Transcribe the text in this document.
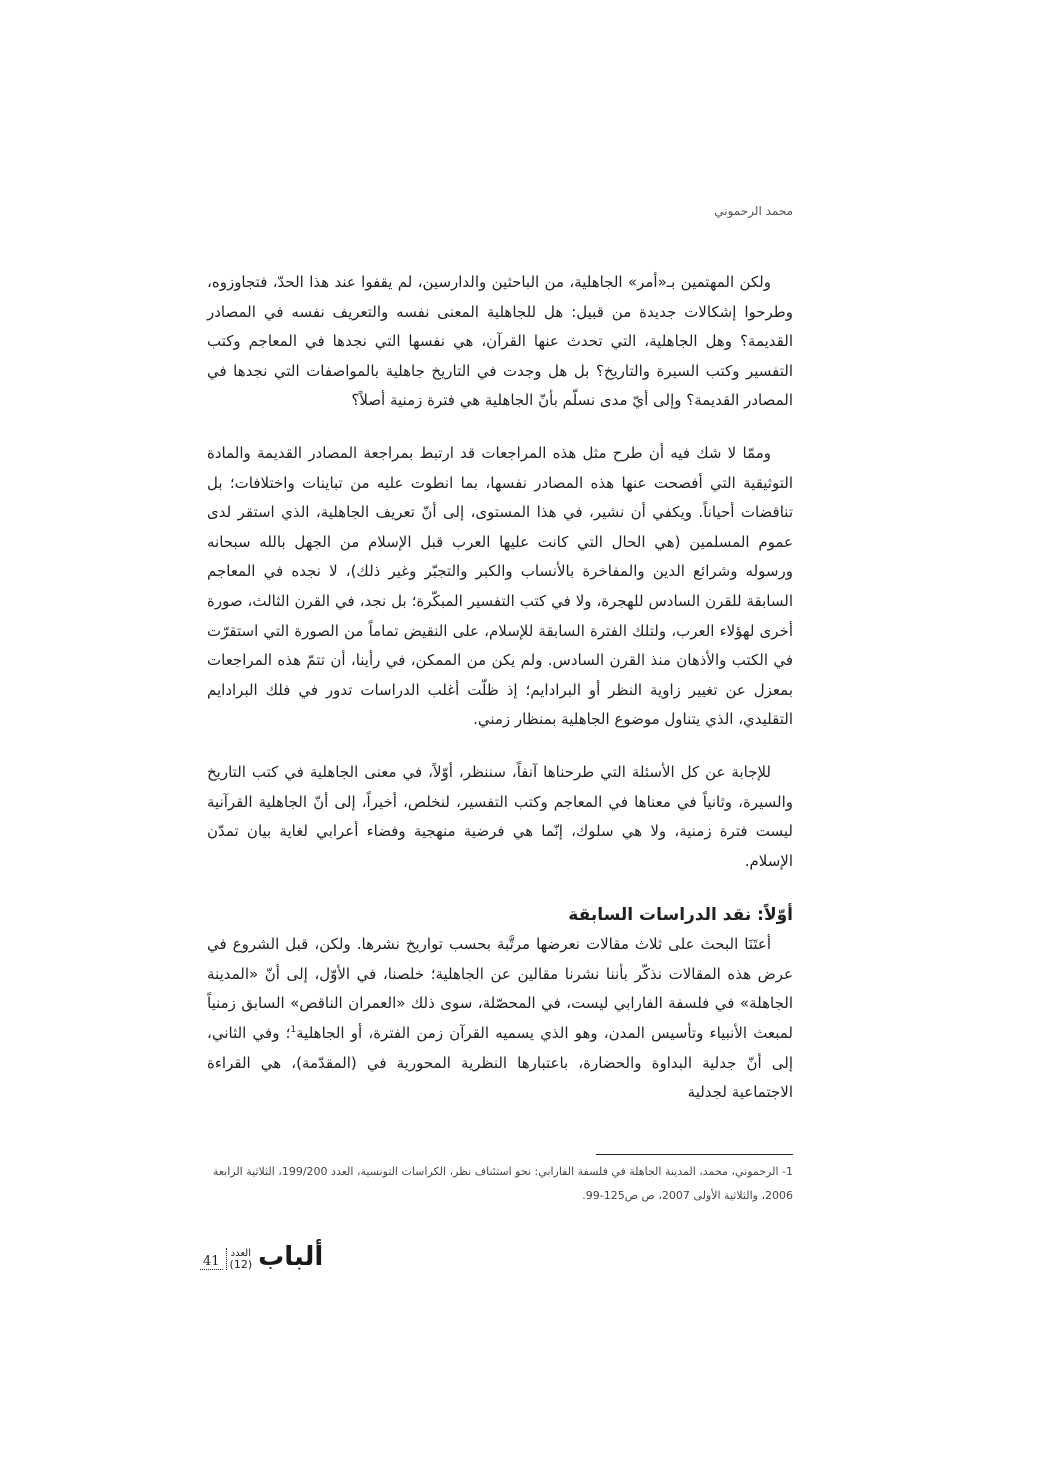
محمد الرحموني

ولكن المهتمين بـ«أمر» الجاهلية، من الباحثين والدارسين، لم يقفوا عند هذا الحدّ، فتجاوزوه، وطرحوا إشكالات جديدة من قبيل: هل للجاهلية المعنى نفسه والتعريف نفسه في المصادر القديمة؟ وهل الجاهلية، التي تحدث عنها القرآن، هي نفسها التي نجدها في المعاجم وكتب التفسير وكتب السيرة والتاريخ؟ بل هل وجدت في التاريخ جاهلية بالمواصفات التي نجدها في المصادر القديمة؟ وإلى أيّ مدى نسلّم بأنّ الجاهلية هي فترة زمنية أصلاً؟

وممّا لا شك فيه أن طرح مثل هذه المراجعات قد ارتبط بمراجعة المصادر القديمة والمادة التوثيقية التي أفصحت عنها هذه المصادر نفسها، بما انطوت عليه من تباينات واختلافات؛ بل تناقضات أحياناً. ويكفي أن نشير، في هذا المستوى، إلى أنّ تعريف الجاهلية، الذي استقر لدى عموم المسلمين (هي الحال التي كانت عليها العرب قبل الإسلام من الجهل بالله سبحانه ورسوله وشرائع الدين والمفاخرة بالأنساب والكبر والتجبّر وغير ذلك)، لا نجده في المعاجم السابقة للقرن السادس للهجرة، ولا في كتب التفسير المبكّرة؛ بل نجد، في القرن الثالث، صورة أخرى لهؤلاء العرب، ولتلك الفترة السابقة للإسلام، على النقيض تماماً من الصورة التي استقرّت في الكتب والأذهان منذ القرن السادس. ولم يكن من الممكن، في رأينا، أن تتمّ هذه المراجعات بمعزل عن تغيير زاوية النظر أو البرادايم؛ إذ ظلّت أغلب الدراسات تدور في فلك البرادايم التقليدي، الذي يتناول موضوع الجاهلية بمنظار زمني.

للإجابة عن كل الأسئلة التي طرحناها آنفاً، سننظر، أوّلاً، في معنى الجاهلية في كتب التاريخ والسيرة، وثانياً في معناها في المعاجم وكتب التفسير، لنخلص، أخيراً، إلى أنّ الجاهلية القرآنية ليست فترة زمنية، ولا هي سلوك، إنّما هي فرضية منهجية وفضاء أعرابي لغاية بيان تمدّن الإسلام.

أوّلاً: نقد الدراسات السابقة

أعتَنَا البحث على ثلاث مقالات نعرضها مرتَّبة بحسب تواريخ نشرها. ولكن، قبل الشروع في عرض هذه المقالات نذكّر بأننا نشرنا مقالين عن الجاهلية؛ خلصنا، في الأوّل، إلى أنّ «المدينة الجاهلة» في فلسفة الفارابي ليست، في المحصّلة، سوى ذلك «العمران الناقص» السابق زمنياً لمبعث الأنبياء وتأسيس المدن، وهو الذي يسميه القرآن زمن الفترة، أو الجاهلية$^1$؛ وفي الثاني، إلى أنّ جدلية البداوة والحضارة، باعتبارها النظرية المحورية في (المقدّمة)، هي القراءة الاجتماعية لجدلية

1- الرحموني، محمد، المدينة الجاهلة في فلسفة الفارابي: نحو استئناف نظر، الكراسات التونسية، العدد 199/200، الثلاثية الرابعة 2006، والثلاثية الأولى 2007، ص ص125-99.
41
العدد
(12) ألباب
